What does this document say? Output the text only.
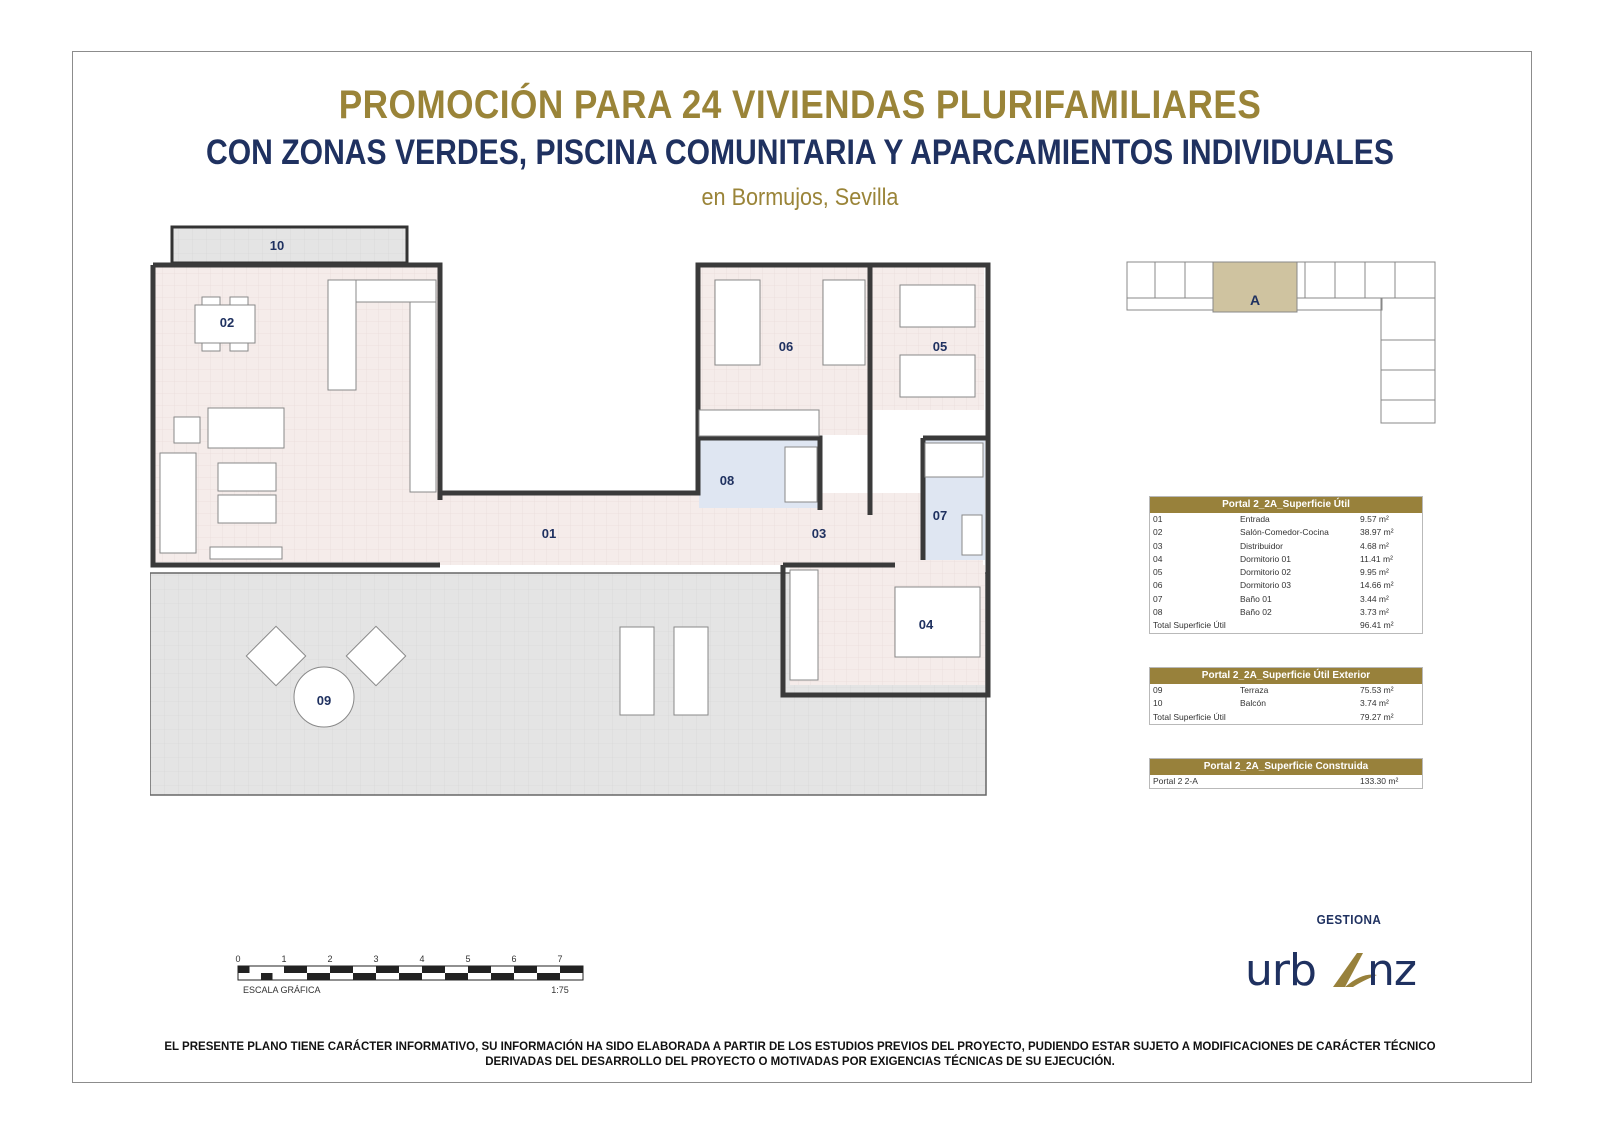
PROMOCIÓN PARA 24 VIVIENDAS PLURIFAMILIARES
CON ZONAS VERDES, PISCINA COMUNITARIA Y APARCAMIENTOS INDIVIDUALES
en Bormujos, Sevilla
10
02
06	05
08
07
01	03
04
09
A
Portal 2_2A_Superficie Útil
01	Entrada	9.57 m²
02	Salón-Comedor-Cocina	38.97 m²
03	Distribuidor	4.68 m²
04	Dormitorio 01	11.41 m²
05	Dormitorio 02	9.95 m²
06	Dormitorio 03	14.66 m²
07	Baño 01	3.44 m²
08	Baño 02	3.73 m²
Total Superficie Útil	96.41 m²
Portal 2_2A_Superficie Útil Exterior
09	Terraza	75.53 m²
10	Balcón	3.74 m²
Total Superficie Útil	79.27 m²
Portal 2_2A_Superficie Construida
Portal 2 2-A	133.30 m²
0	1	2	3	4	5	6	7
ESCALA GRÁFICA	1:75
GESTIONA
urb nz
EL PRESENTE PLANO TIENE CARÁCTER INFORMATIVO, SU INFORMACIÓN HA SIDO ELABORADA A PARTIR DE LOS ESTUDIOS PREVIOS DEL PROYECTO, PUDIENDO ESTAR SUJETO A MODIFICACIONES DE CARÁCTER TÉCNICO
DERIVADAS DEL DESARROLLO DEL PROYECTO O MOTIVADAS POR EXIGENCIAS TÉCNICAS DE SU EJECUCIÓN.
